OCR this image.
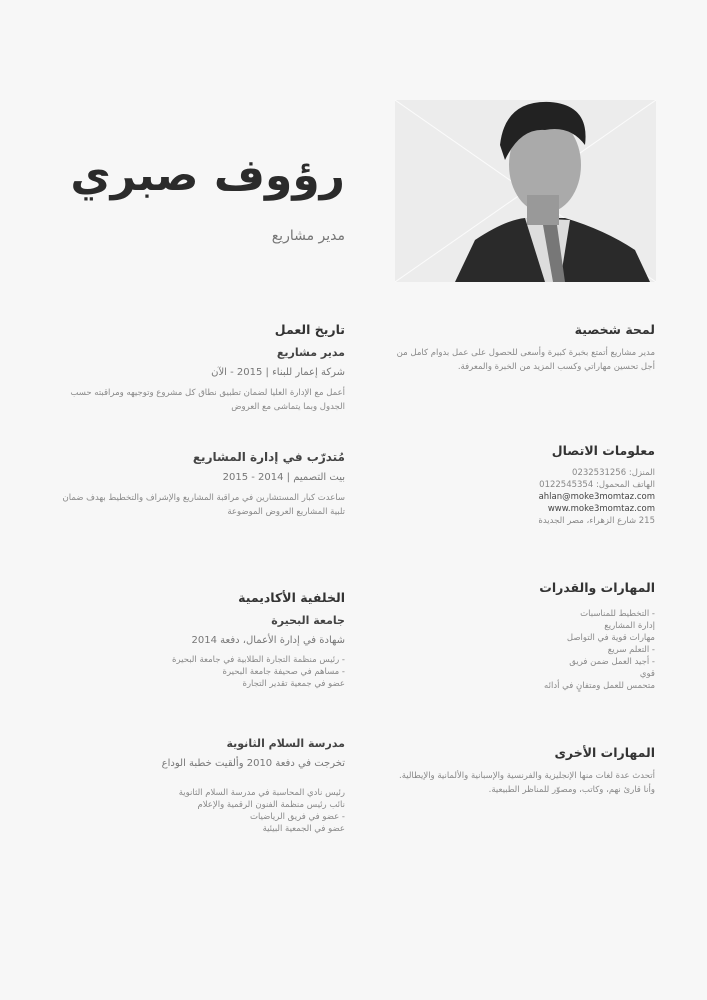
رؤوف صبري
مدير مشاريع
تاريخ العمل
مدير مشاريع
شركة إعمار للبناء | 2015 - الآن
أعمل مع الإدارة العليا لضمان تطبيق نطاق كل مشروع وتوجيهه ومراقبته حسب الجدول وبما يتماشى مع العروض
مُتدرّب في إدارة المشاريع
بيت التصميم | 2014 - 2015
ساعدت كبار المستشارين في مراقبة المشاريع والإشراف والتخطيط بهدف ضمان تلبية المشاريع العروض الموضوعة
الخلفية الأكاديمية
جامعة البحيرة
شهادة في إدارة الأعمال، دفعة 2014
- رئيس منظمة التجارة الطلابية في جامعة البحيرة
- مساهم في صحيفة جامعة البحيرة
عضو في جمعية تقدير التجارة
مدرسة السلام الثانوية
تخرجت في دفعة 2010 وألقيت خطبة الوداع
رئيس نادي المحاسبة في مدرسة السلام الثانوية
نائب رئيس منظمة الفنون الرقمية والإعلام
- عضو في فريق الرياضيات
عضو في الجمعية البيئية
لمحة شخصية
مدير مشاريع أتمتع بخبرة كبيرة وأسعى للحصول على عمل بدوام كامل من أجل تحسين مهاراتي وكسب المزيد من الخبرة والمعرفة.
معلومات الاتصال
المنزل: 0232531256
الهاتف المحمول: 0122545354
ahlan@moke3momtaz.com
www.moke3momtaz.com
215 شارع الزهراء، مصر الجديدة
المهارات والقدرات
- التخطيط للمناسبات
إدارة المشاريع
مهارات قوية في التواصل
- التعلم سريع
- أجيد العمل ضمن فريق
قوي
متحمس للعمل ومتفانٍ في أدائه
المهارات الأخرى
أتحدث عدة لغات منها الإنجليزية والفرنسية والإسبانية والألمانية والإيطالية. وأنا قارئ نهم، وكاتب، ومصوّر للمناظر الطبيعية.
